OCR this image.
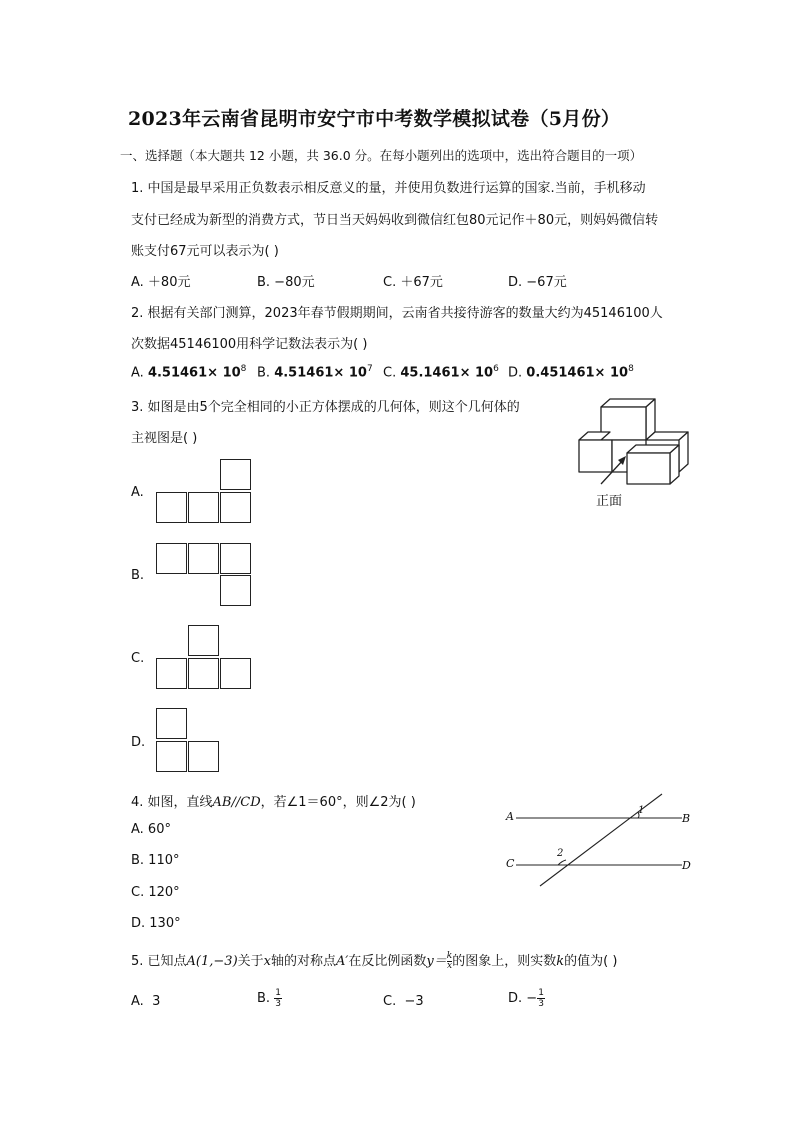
2023年云南省昆明市安宁市中考数学模拟试卷（5月份）
一、选择题（本大题共 12 小题，共 36.0 分。在每小题列出的选项中，选出符合题目的一项）
1. 中国是最早采用正负数表示相反意义的量，并使用负数进行运算的国家.当前，手机移动
支付已经成为新型的消费方式，节日当天妈妈收到微信红包80元记作＋80元，则妈妈微信转
账支付67元可以表示为( )
A. ＋80元	B. −80元	C. ＋67元	D. −67元
2. 根据有关部门测算，2023年春节假期期间，云南省共接待游客的数量大约为45146100人
次数据45146100用科学记数法表示为( )
A. $4.51461\times 10^8$ B. $4.51461\times 10^7$ C. $45.1461\times 10^6$ D. $0.451461\times 10^8$
3. 如图是由5个完全相同的小正方体摆成的几何体，则这个几何体的
主视图是( )
正面
A.
B.
C.
D.
4. 如图，直线AB//CD，若∠1＝60°，则∠2为( )
A. 60°
B. 110°
C. 120°
D. 130°
A	B
C	D
1
2
5. 已知点A(1,−3)关于x轴的对称点A′在反比例函数$y= \frac{k}{x}$ 的图象上，则实数k的值为( )
A. 3	B. $\frac{1}{3}$	C. −3	D. − $\frac{1}{3}$
